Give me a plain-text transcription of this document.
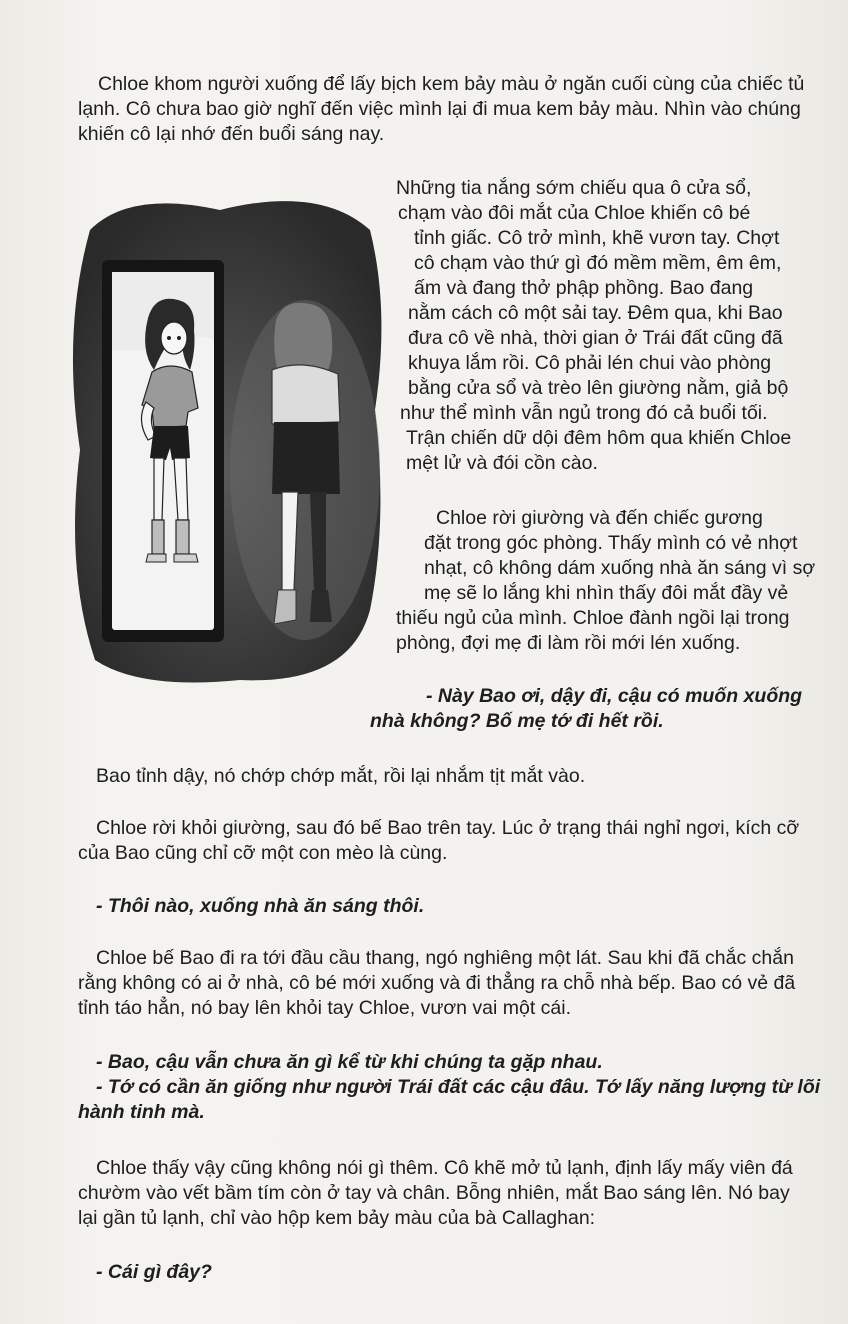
Chloe khom người xuống để lấy bịch kem bảy màu ở ngăn cuối cùng của chiếc tủ
lạnh. Cô chưa bao giờ nghĩ đến việc mình lại đi mua kem bảy màu. Nhìn vào chúng
khiến cô lại nhớ đến buổi sáng nay.
Những tia nắng sớm chiếu qua ô cửa sổ,
chạm vào đôi mắt của Chloe khiến cô bé
tỉnh giấc. Cô trở mình, khẽ vươn tay. Chợt
cô chạm vào thứ gì đó mềm mềm, êm êm,
ấm và đang thở phập phồng. Bao đang
nằm cách cô một sải tay. Đêm qua, khi Bao
đưa cô về nhà, thời gian ở Trái đất cũng đã
khuya lắm rồi. Cô phải lén chui vào phòng
bằng cửa sổ và trèo lên giường nằm, giả bộ
như thể mình vẫn ngủ trong đó cả buổi tối.
Trận chiến dữ dội đêm hôm qua khiến Chloe
mệt lử và đói cồn cào.
Chloe rời giường và đến chiếc gương
đặt trong góc phòng. Thấy mình có vẻ nhợt
nhạt, cô không dám xuống nhà ăn sáng vì sợ
mẹ sẽ lo lắng khi nhìn thấy đôi mắt đầy vẻ
thiếu ngủ của mình. Chloe đành ngồi lại trong
phòng, đợi mẹ đi làm rồi mới lén xuống.
- Này Bao ơi, dậy đi, cậu có muốn xuống
nhà không? Bố mẹ tớ đi hết rồi.
Bao tỉnh dậy, nó chớp chớp mắt, rồi lại nhắm tịt mắt vào.
Chloe rời khỏi giường, sau đó bế Bao trên tay. Lúc ở trạng thái nghỉ ngơi, kích cỡ
của Bao cũng chỉ cỡ một con mèo là cùng.
- Thôi nào, xuống nhà ăn sáng thôi.
Chloe bế Bao đi ra tới đầu cầu thang, ngó nghiêng một lát. Sau khi đã chắc chắn
rằng không có ai ở nhà, cô bé mới xuống và đi thẳng ra chỗ nhà bếp. Bao có vẻ đã
tỉnh táo hẳn, nó bay lên khỏi tay Chloe, vươn vai một cái.
- Bao, cậu vẫn chưa ăn gì kể từ khi chúng ta gặp nhau.
- Tớ có cần ăn giống như người Trái đất các cậu đâu. Tớ lấy năng lượng từ lõi
hành tinh mà.
Chloe thấy vậy cũng không nói gì thêm. Cô khẽ mở tủ lạnh, định lấy mấy viên đá
chườm vào vết bầm tím còn ở tay và chân. Bỗng nhiên, mắt Bao sáng lên. Nó bay
lại gần tủ lạnh, chỉ vào hộp kem bảy màu của bà Callaghan:
- Cái gì đây?
